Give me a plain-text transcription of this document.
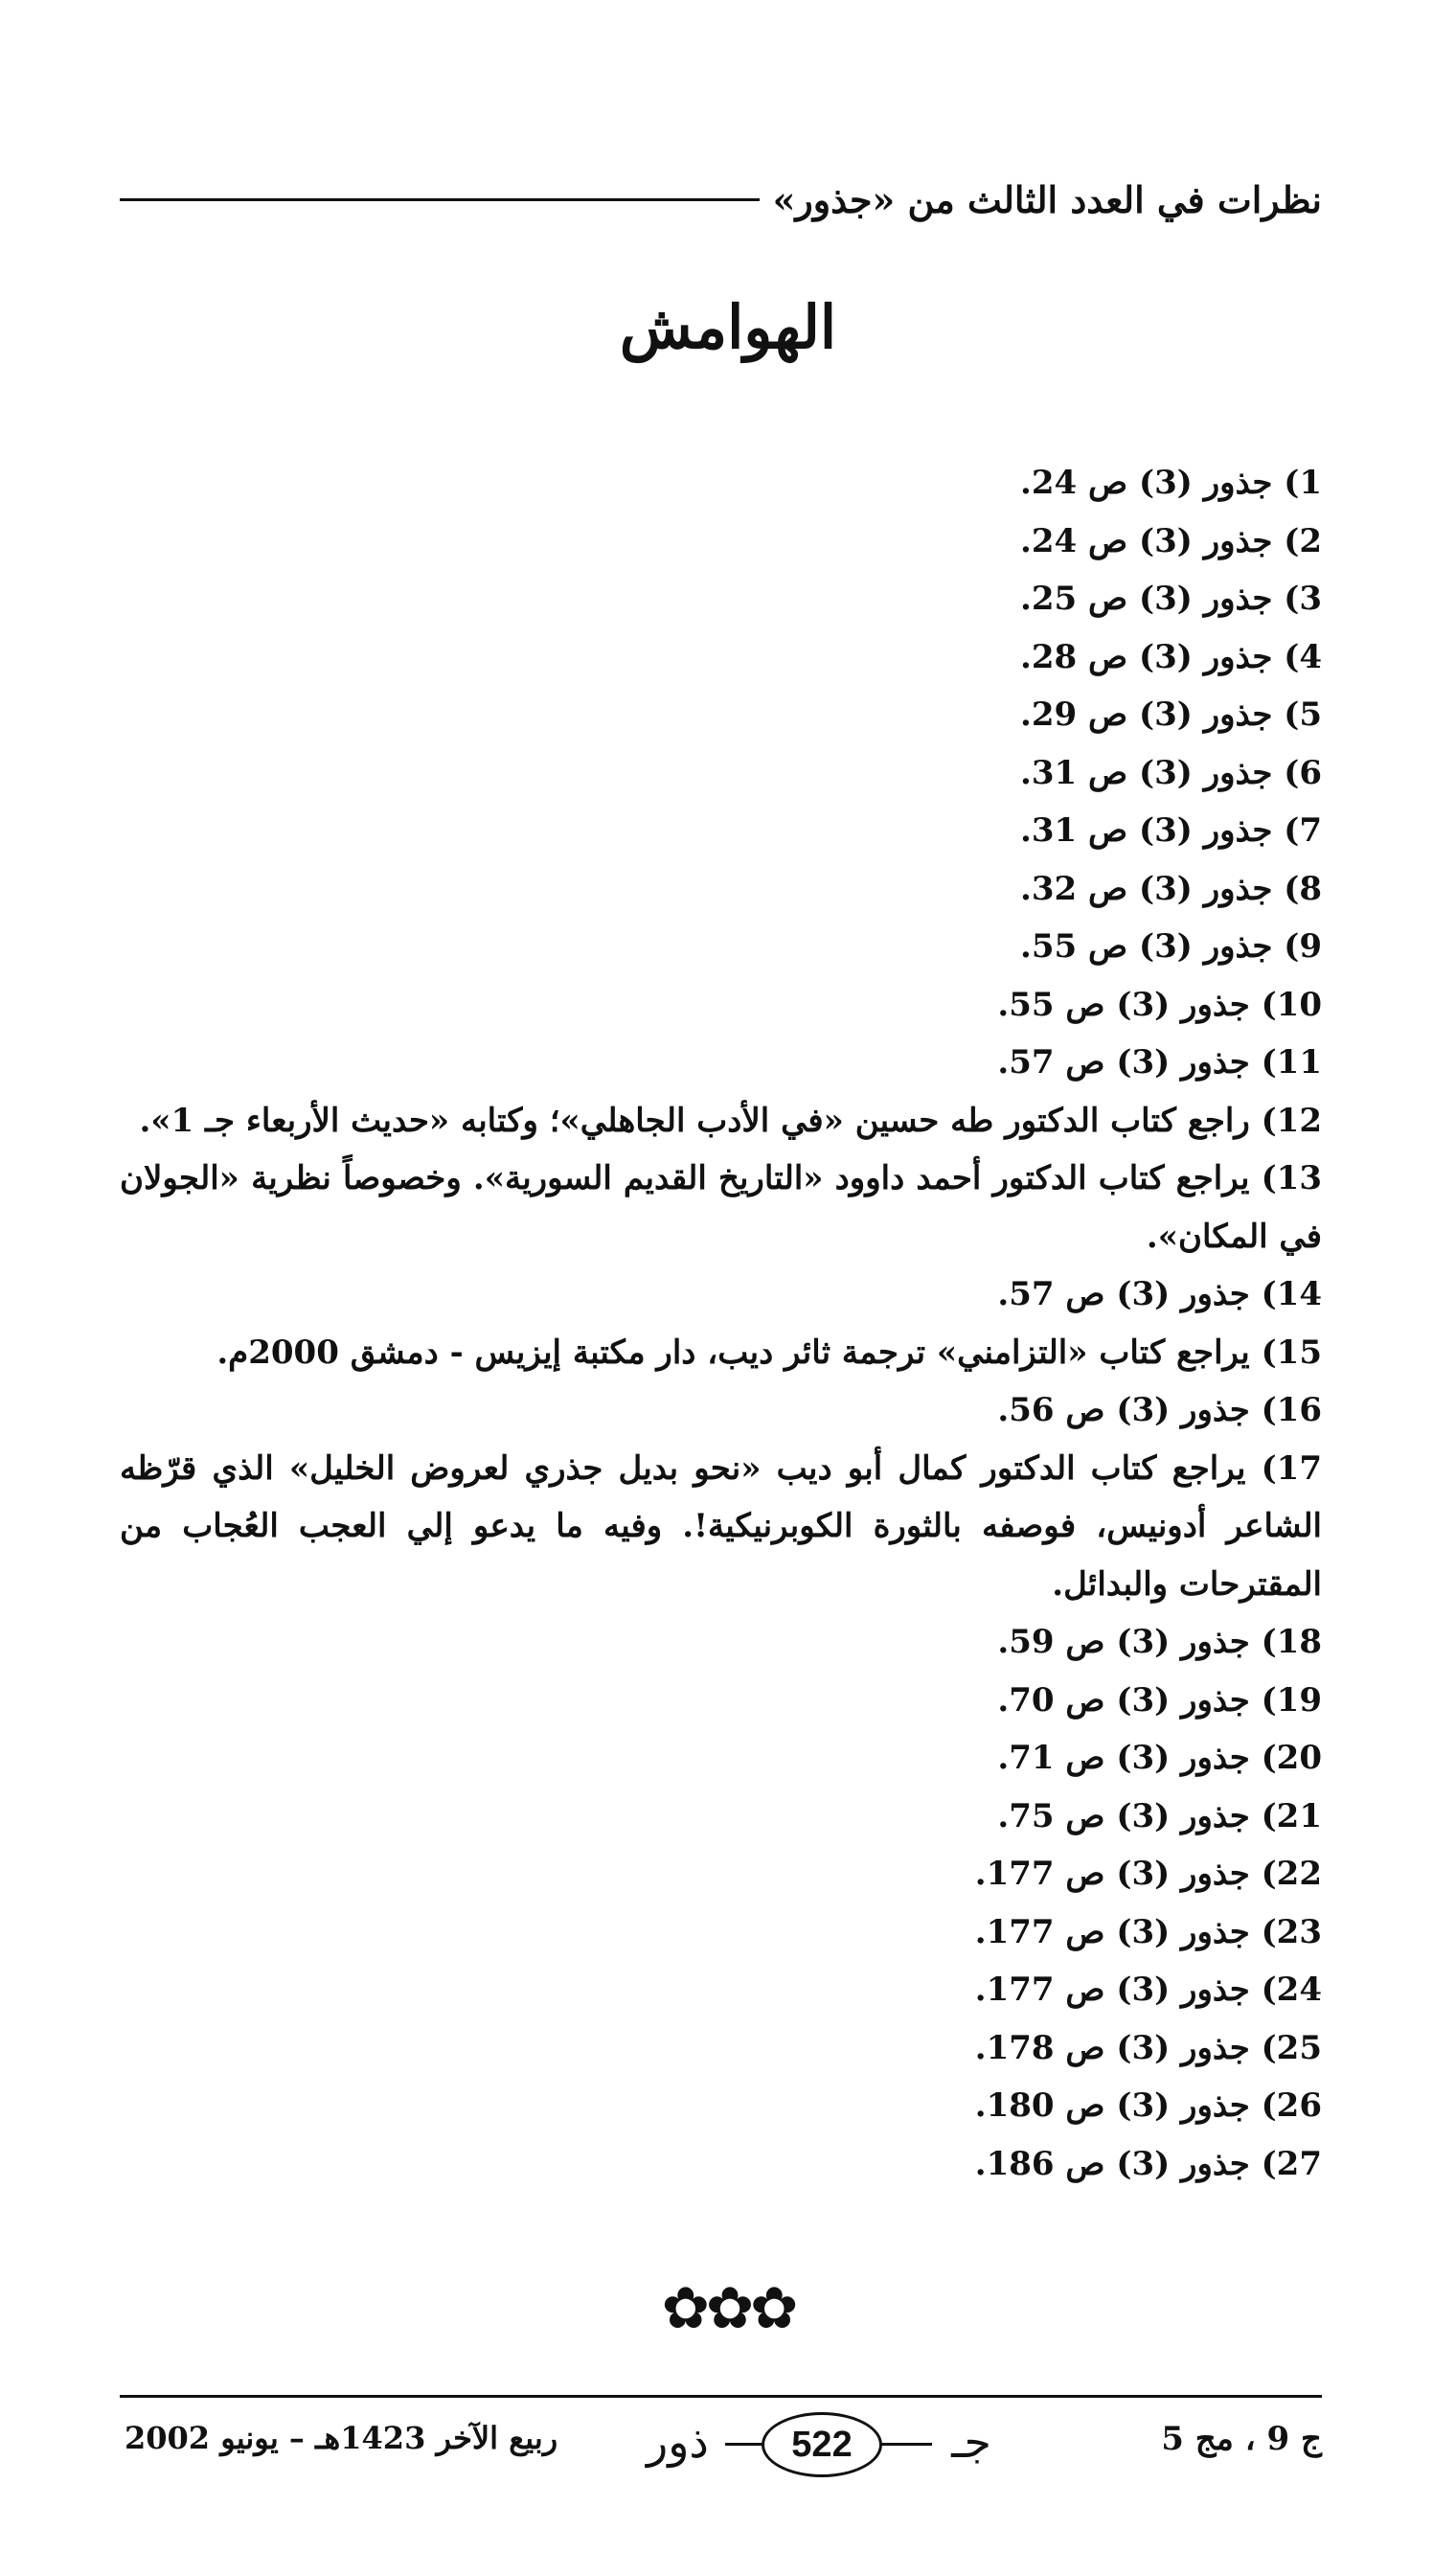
نظرات في العدد الثالث من «جذور»
الهوامش

1) جذور (3) ص 24.

2) جذور (3) ص 24.

3) جذور (3) ص 25.

4) جذور (3) ص 28.

5) جذور (3) ص 29.

6) جذور (3) ص 31.

7) جذور (3) ص 31.

8) جذور (3) ص 32.

9) جذور (3) ص 55.

10) جذور (3) ص 55.

11) جذور (3) ص 57.

12) راجع كتاب الدكتور طه حسين «في الأدب الجاهلي»؛ وكتابه «حديث الأربعاء جـ 1».

13) يراجع كتاب الدكتور أحمد داوود «التاريخ القديم السورية». وخصوصاً نظرية «الجولان في المكان».

14) جذور (3) ص 57.

15) يراجع كتاب «التزامني» ترجمة ثائر ديب، دار مكتبة إيزيس - دمشق 2000م.

16) جذور (3) ص 56.

17) يراجع كتاب الدكتور كمال أبو ديب «نحو بديل جذري لعروض الخليل» الذي قرّظه الشاعر أدونيس، فوصفه بالثورة الكوبرنيكية!. وفيه ما يدعو إلي العجب العُجاب من المقترحات والبدائل.

18) جذور (3) ص 59.

19) جذور (3) ص 70.

20) جذور (3) ص 71.

21) جذور (3) ص 75.

22) جذور (3) ص 177.

23) جذور (3) ص 177.

24) جذور (3) ص 177.

25) جذور (3) ص 178.

26) جذور (3) ص 180.

27) جذور (3) ص 186.

✿✿✿
ج 9 ، مج 5
ذور	522	جـ
ربيع الآخر 1423هـ – يونيو 2002
